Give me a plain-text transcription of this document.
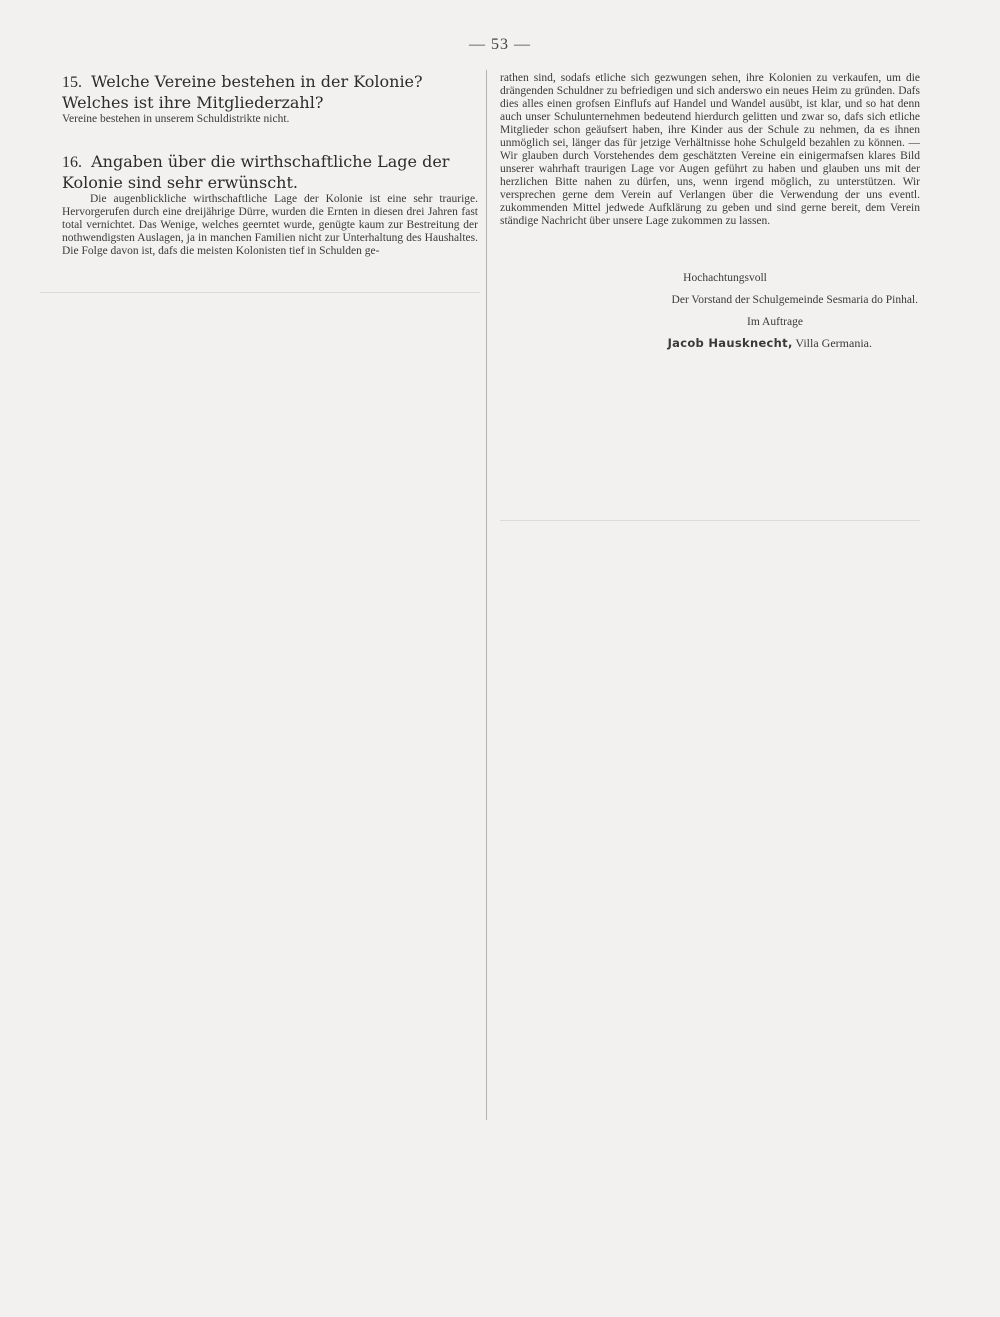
— 53 —

15. Welche Vereine bestehen in der Kolonie? Welches ist ihre Mitgliederzahl?

Vereine bestehen in unserem Schuldistrikte nicht.

16. Angaben über die wirthschaftliche Lage der Kolonie sind sehr erwünscht.

Die augenblickliche wirthschaftliche Lage der Kolonie ist eine sehr traurige. Hervorgerufen durch eine dreijährige Dürre, wurden die Ernten in diesen drei Jahren fast total vernichtet. Das Wenige, welches geerntet wurde, genügte kaum zur Bestreitung der nothwendigsten Auslagen, ja in manchen Familien nicht zur Unterhaltung des Haushaltes. Die Folge davon ist, dafs die meisten Kolonisten tief in Schulden ge-

rathen sind, sodafs etliche sich gezwungen sehen, ihre Kolonien zu verkaufen, um die drängenden Schuldner zu befriedigen und sich anderswo ein neues Heim zu gründen. Dafs dies alles einen grofsen Einflufs auf Handel und Wandel ausübt, ist klar, und so hat denn auch unser Schulunternehmen bedeutend hierdurch gelitten und zwar so, dafs sich etliche Mitglieder schon geäufsert haben, ihre Kinder aus der Schule zu nehmen, da es ihnen unmöglich sei, länger das für jetzige Verhältnisse hohe Schulgeld bezahlen zu können. — Wir glauben durch Vorstehendes dem geschätzten Vereine ein einigermafsen klares Bild unserer wahrhaft traurigen Lage vor Augen geführt zu haben und glauben uns mit der herzlichen Bitte nahen zu dürfen, uns, wenn irgend möglich, zu unterstützen. Wir versprechen gerne dem Verein auf Verlangen über die Verwendung der uns eventl. zukommenden Mittel jedwede Aufklärung zu geben und sind gerne bereit, dem Verein ständige Nachricht über unsere Lage zukommen zu lassen.

Hochachtungsvoll
Der Vorstand der Schulgemeinde Sesmaria do Pinhal.
Im Auftrage
Jacob Hausknecht, Villa Germania.
